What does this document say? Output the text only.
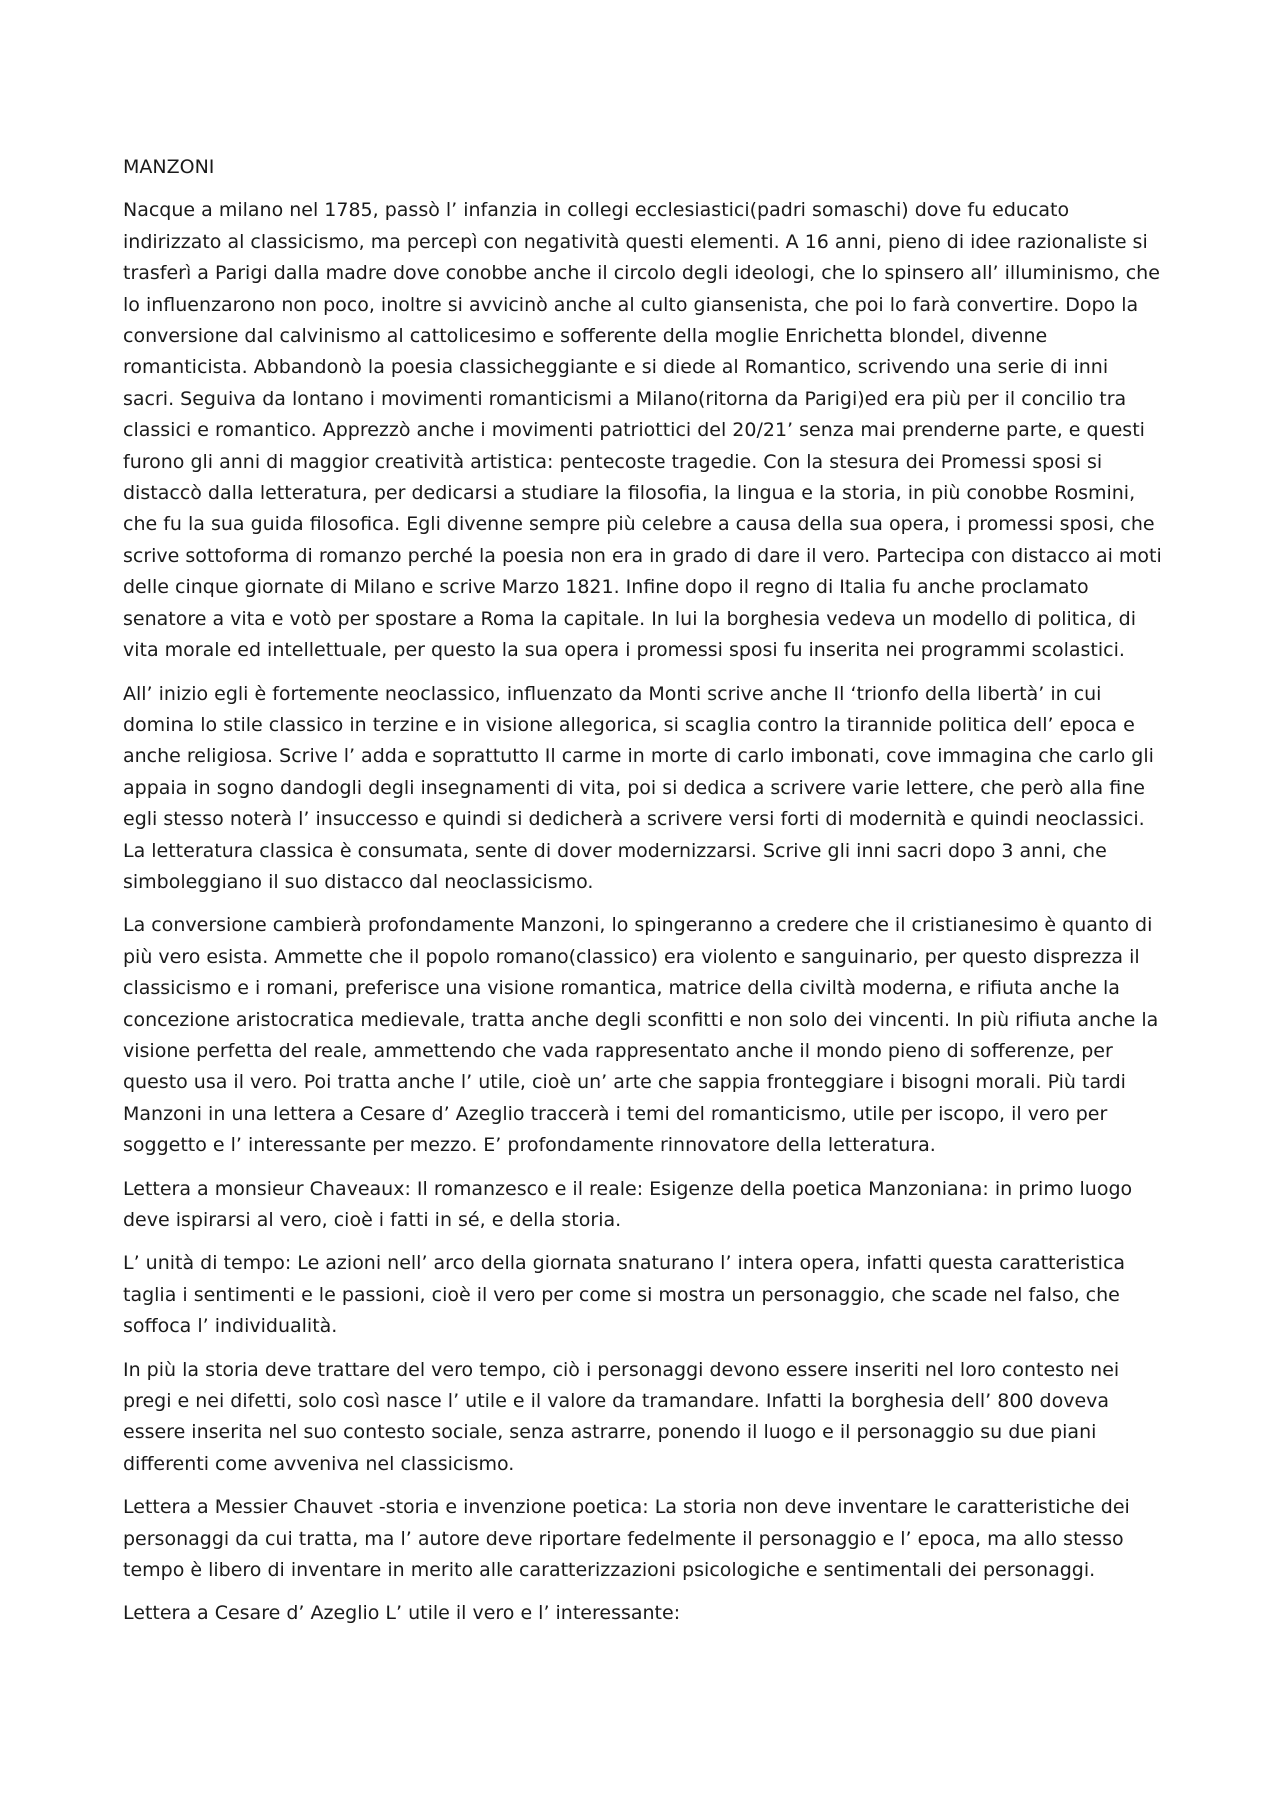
MANZONI

Nacque a milano nel 1785, passò l’ infanzia in collegi ecclesiastici(padri somaschi) dove fu educato indirizzato al classicismo, ma percepì con negatività questi elementi. A 16 anni, pieno di idee razionaliste si trasferì a Parigi dalla madre dove conobbe anche il circolo degli ideologi, che lo spinsero all’ illuminismo, che lo influenzarono non poco, inoltre si avvicinò anche al culto giansenista, che poi lo farà convertire. Dopo la conversione dal calvinismo al cattolicesimo e sofferente della moglie Enrichetta blondel, divenne romanticista. Abbandonò la poesia classicheggiante e si diede al Romantico, scrivendo una serie di inni sacri. Seguiva da lontano i movimenti romanticismi a Milano(ritorna da Parigi)ed era più per il concilio tra classici e romantico. Apprezzò anche i movimenti patriottici del 20/21’ senza mai prenderne parte, e questi furono gli anni di maggior creatività artistica: pentecoste tragedie. Con la stesura dei Promessi sposi si distaccò dalla letteratura, per dedicarsi a studiare la filosofia, la lingua e la storia, in più conobbe Rosmini, che fu la sua guida filosofica. Egli divenne sempre più celebre a causa della sua opera, i promessi sposi, che scrive sottoforma di romanzo perché la poesia non era in grado di dare il vero. Partecipa con distacco ai moti delle cinque giornate di Milano e scrive Marzo 1821. Infine dopo il regno di Italia fu anche proclamato senatore a vita e votò per spostare a Roma la capitale. In lui la borghesia vedeva un modello di politica, di vita morale ed intellettuale, per questo la sua opera i promessi sposi fu inserita nei programmi scolastici.

All’ inizio egli è fortemente neoclassico, influenzato da Monti scrive anche Il ‘trionfo della libertà’ in cui domina lo stile classico in terzine e in visione allegorica, si scaglia contro la tirannide politica dell’ epoca e anche religiosa. Scrive l’ adda e soprattutto Il carme in morte di carlo imbonati, cove immagina che carlo gli appaia in sogno dandogli degli insegnamenti di vita, poi si dedica a scrivere varie lettere, che però alla fine egli stesso noterà l’ insuccesso e quindi si dedicherà a scrivere versi forti di modernità e quindi neoclassici. La letteratura classica è consumata, sente di dover modernizzarsi. Scrive gli inni sacri dopo 3 anni, che simboleggiano il suo distacco dal neoclassicismo.

La conversione cambierà profondamente Manzoni, lo spingeranno a credere che il cristianesimo è quanto di più vero esista. Ammette che il popolo romano(classico) era violento e sanguinario, per questo disprezza il classicismo e i romani, preferisce una visione romantica, matrice della civiltà moderna, e rifiuta anche la concezione aristocratica medievale, tratta anche degli sconfitti e non solo dei vincenti. In più rifiuta anche la visione perfetta del reale, ammettendo che vada rappresentato anche il mondo pieno di sofferenze, per questo usa il vero. Poi tratta anche l’ utile, cioè un’ arte che sappia fronteggiare i bisogni morali. Più tardi Manzoni in una lettera a Cesare d’ Azeglio traccerà i temi del romanticismo, utile per iscopo, il vero per soggetto e l’ interessante per mezzo. E’ profondamente rinnovatore della letteratura.

Lettera a monsieur Chaveaux: Il romanzesco e il reale: Esigenze della poetica Manzoniana: in primo luogo deve ispirarsi al vero, cioè i fatti in sé, e della storia.

L’ unità di tempo: Le azioni nell’ arco della giornata snaturano l’ intera opera, infatti questa caratteristica taglia i sentimenti e le passioni, cioè il vero per come si mostra un personaggio, che scade nel falso, che soffoca l’ individualità.

In più la storia deve trattare del vero tempo, ciò i personaggi devono essere inseriti nel loro contesto nei pregi e nei difetti, solo così nasce l’ utile e il valore da tramandare. Infatti la borghesia dell’ 800 doveva essere inserita nel suo contesto sociale, senza astrarre, ponendo il luogo e il personaggio su due piani differenti come avveniva nel classicismo.

Lettera a Messier Chauvet -storia e invenzione poetica: La storia non deve inventare le caratteristiche dei personaggi da cui tratta, ma l’ autore deve riportare fedelmente il personaggio e l’ epoca, ma allo stesso tempo è libero di inventare in merito alle caratterizzazioni psicologiche e sentimentali dei personaggi.

Lettera a Cesare d’ Azeglio L’ utile il vero e l’ interessante:
